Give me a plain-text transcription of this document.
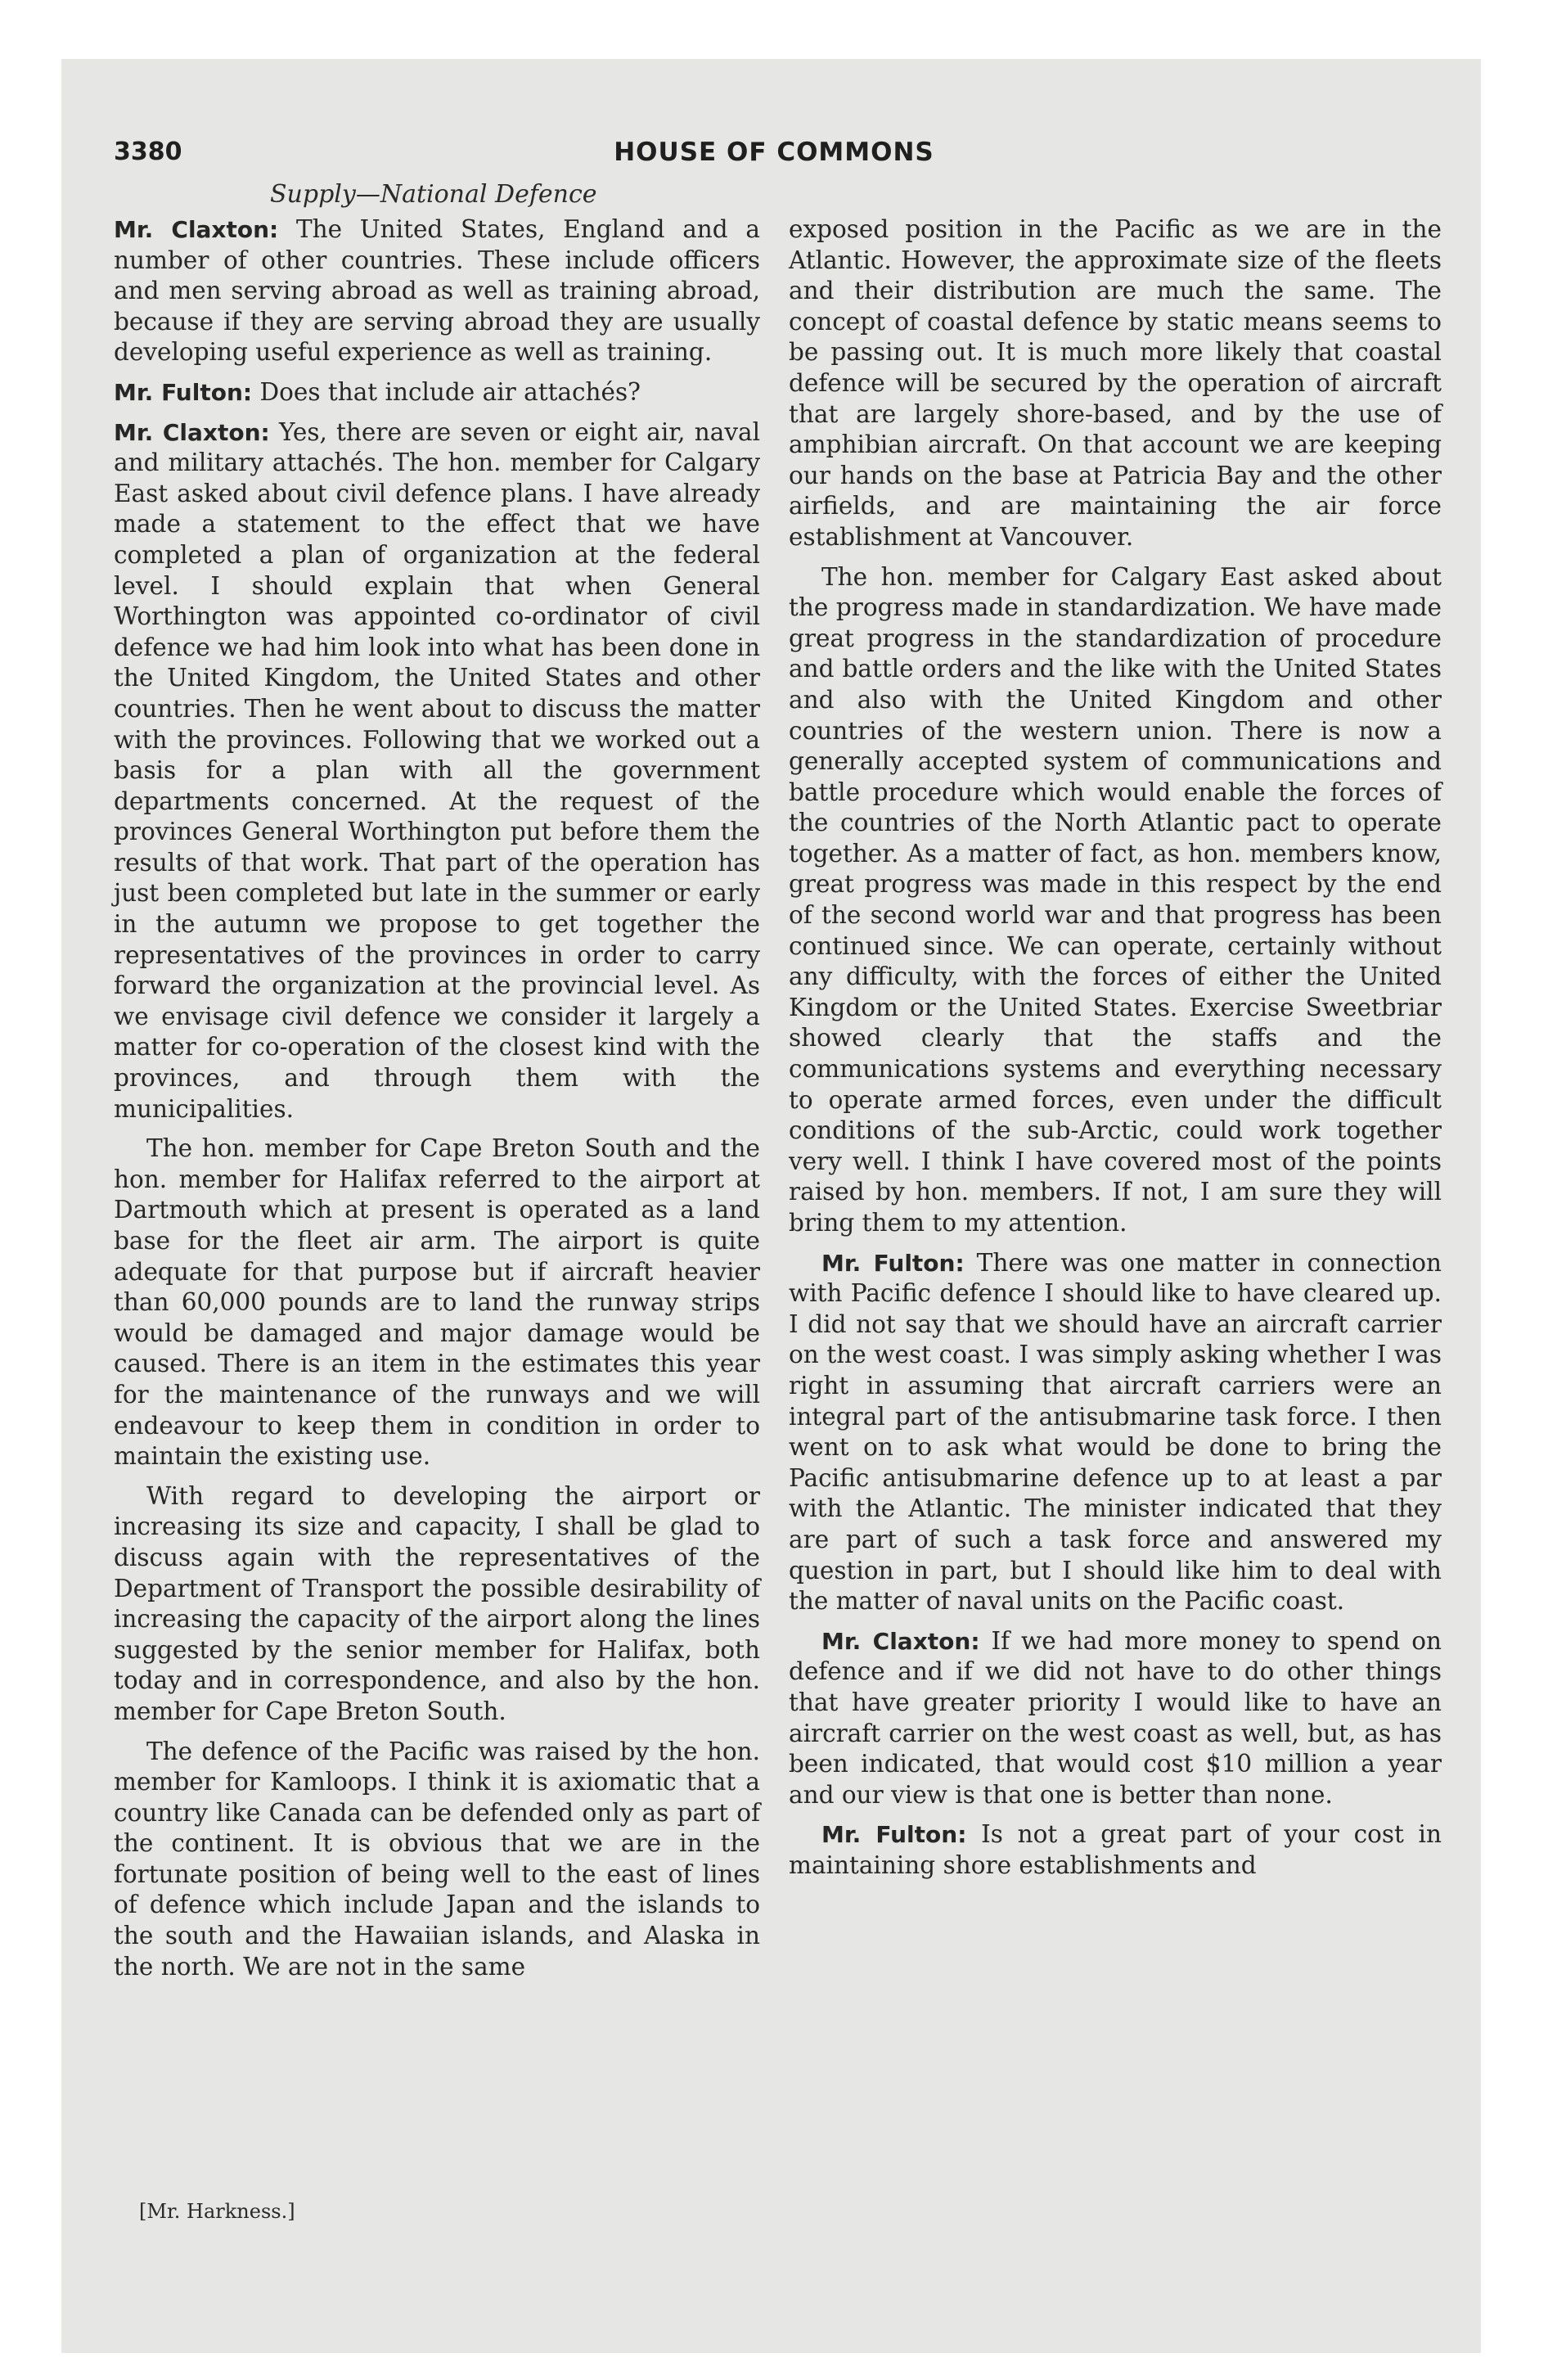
3380	HOUSE OF COMMONS
Supply—National Defence

Mr. Claxton: The United States, England and a number of other countries. These include officers and men serving abroad as well as training abroad, because if they are serving abroad they are usually developing useful experience as well as training.

Mr. Fulton: Does that include air attachés?

Mr. Claxton: Yes, there are seven or eight air, naval and military attachés. The hon. member for Calgary East asked about civil defence plans. I have already made a statement to the effect that we have completed a plan of organization at the federal level. I should explain that when General Worthington was appointed co-ordinator of civil defence we had him look into what has been done in the United Kingdom, the United States and other countries. Then he went about to discuss the matter with the provinces. Following that we worked out a basis for a plan with all the government departments concerned. At the request of the provinces General Worthington put before them the results of that work. That part of the operation has just been completed but late in the summer or early in the autumn we propose to get together the representatives of the provinces in order to carry forward the organization at the provincial level. As we envisage civil defence we consider it largely a matter for co-operation of the closest kind with the provinces, and through them with the municipalities.

The hon. member for Cape Breton South and the hon. member for Halifax referred to the airport at Dartmouth which at present is operated as a land base for the fleet air arm. The airport is quite adequate for that purpose but if aircraft heavier than 60,000 pounds are to land the runway strips would be damaged and major damage would be caused. There is an item in the estimates this year for the maintenance of the runways and we will endeavour to keep them in condition in order to maintain the existing use.

With regard to developing the airport or increasing its size and capacity, I shall be glad to discuss again with the representatives of the Department of Transport the possible desirability of increasing the capacity of the airport along the lines suggested by the senior member for Halifax, both today and in correspondence, and also by the hon. member for Cape Breton South.

The defence of the Pacific was raised by the hon. member for Kamloops. I think it is axiomatic that a country like Canada can be defended only as part of the continent. It is obvious that we are in the fortunate position of being well to the east of lines of defence which include Japan and the islands to the south and the Hawaiian islands, and Alaska in the north. We are not in the same

exposed position in the Pacific as we are in the Atlantic. However, the approximate size of the fleets and their distribution are much the same. The concept of coastal defence by static means seems to be passing out. It is much more likely that coastal defence will be secured by the operation of aircraft that are largely shore-based, and by the use of amphibian aircraft. On that account we are keeping our hands on the base at Patricia Bay and the other airfields, and are maintaining the air force establishment at Vancouver.

The hon. member for Calgary East asked about the progress made in standardization. We have made great progress in the standardization of procedure and battle orders and the like with the United States and also with the United Kingdom and other countries of the western union. There is now a generally accepted system of communications and battle procedure which would enable the forces of the countries of the North Atlantic pact to operate together. As a matter of fact, as hon. members know, great progress was made in this respect by the end of the second world war and that progress has been continued since. We can operate, certainly without any difficulty, with the forces of either the United Kingdom or the United States. Exercise Sweetbriar showed clearly that the staffs and the communications systems and everything necessary to operate armed forces, even under the difficult conditions of the sub-Arctic, could work together very well. I think I have covered most of the points raised by hon. members. If not, I am sure they will bring them to my attention.

Mr. Fulton: There was one matter in connection with Pacific defence I should like to have cleared up. I did not say that we should have an aircraft carrier on the west coast. I was simply asking whether I was right in assuming that aircraft carriers were an integral part of the antisubmarine task force. I then went on to ask what would be done to bring the Pacific antisubmarine defence up to at least a par with the Atlantic. The minister indicated that they are part of such a task force and answered my question in part, but I should like him to deal with the matter of naval units on the Pacific coast.

Mr. Claxton: If we had more money to spend on defence and if we did not have to do other things that have greater priority I would like to have an aircraft carrier on the west coast as well, but, as has been indicated, that would cost $10 million a year and our view is that one is better than none.

Mr. Fulton: Is not a great part of your cost in maintaining shore establishments and

[Mr. Harkness.]
